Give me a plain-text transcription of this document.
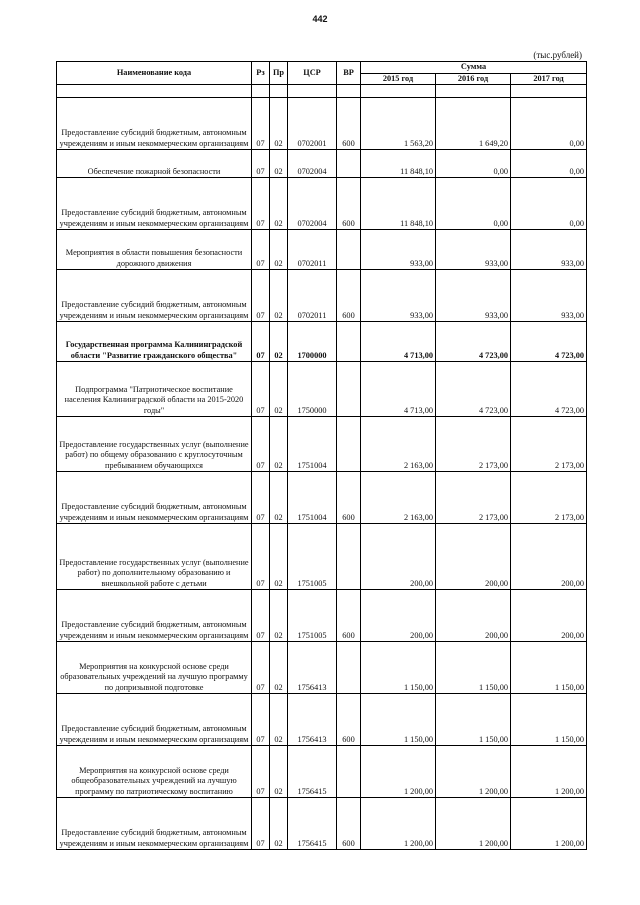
442
(тыс.рублей)
Наименование кода	Рз	Пр	ЦСР	ВР	Сумма		
					2015 год	2016 год	2017 год

Предоставление субсидий бюджетным, автономным учреждениям и иным некоммерческим организациям	07	02	0702001	600	1 563,20	1 649,20	0,00
Обеспечение пожарной безопасности	07	02	0702004		11 848,10	0,00	0,00
Предоставление субсидий бюджетным, автономным учреждениям и иным некоммерческим организациям	07	02	0702004	600	11 848,10	0,00	0,00
Мероприятия в области повышения безопасности дорожного движения	07	02	0702011		933,00	933,00	933,00
Предоставление субсидий бюджетным, автономным учреждениям и иным некоммерческим организациям	07	02	0702011	600	933,00	933,00	933,00
Государственная программа Калининградской области "Развитие гражданского общества"	07	02	1700000		4 713,00	4 723,00	4 723,00
Подпрограмма "Патриотическое воспитание населения Калининградской области на 2015-2020 годы"	07	02	1750000		4 713,00	4 723,00	4 723,00
Предоставление государственных услуг (выполнение работ) по общему образованию с круглосуточным пребыванием обучающихся	07	02	1751004		2 163,00	2 173,00	2 173,00
Предоставление субсидий бюджетным, автономным учреждениям и иным некоммерческим организациям	07	02	1751004	600	2 163,00	2 173,00	2 173,00
Предоставление государственных услуг (выполнение работ) по дополнительному образованию и внешкольной работе с детьми	07	02	1751005		200,00	200,00	200,00
Предоставление субсидий бюджетным, автономным учреждениям и иным некоммерческим организациям	07	02	1751005	600	200,00	200,00	200,00
Мероприятия на конкурсной основе среди образовательных учреждений на лучшую программу по допризывной подготовке	07	02	1756413		1 150,00	1 150,00	1 150,00
Предоставление субсидий бюджетным, автономным учреждениям и иным некоммерческим организациям	07	02	1756413	600	1 150,00	1 150,00	1 150,00
Мероприятия на конкурсной основе среди общеобразовательных учреждений на лучшую программу по патриотическому воспитанию	07	02	1756415		1 200,00	1 200,00	1 200,00
Предоставление субсидий бюджетным, автономным учреждениям и иным некоммерческим организациям	07	02	1756415	600	1 200,00	1 200,00	1 200,00
